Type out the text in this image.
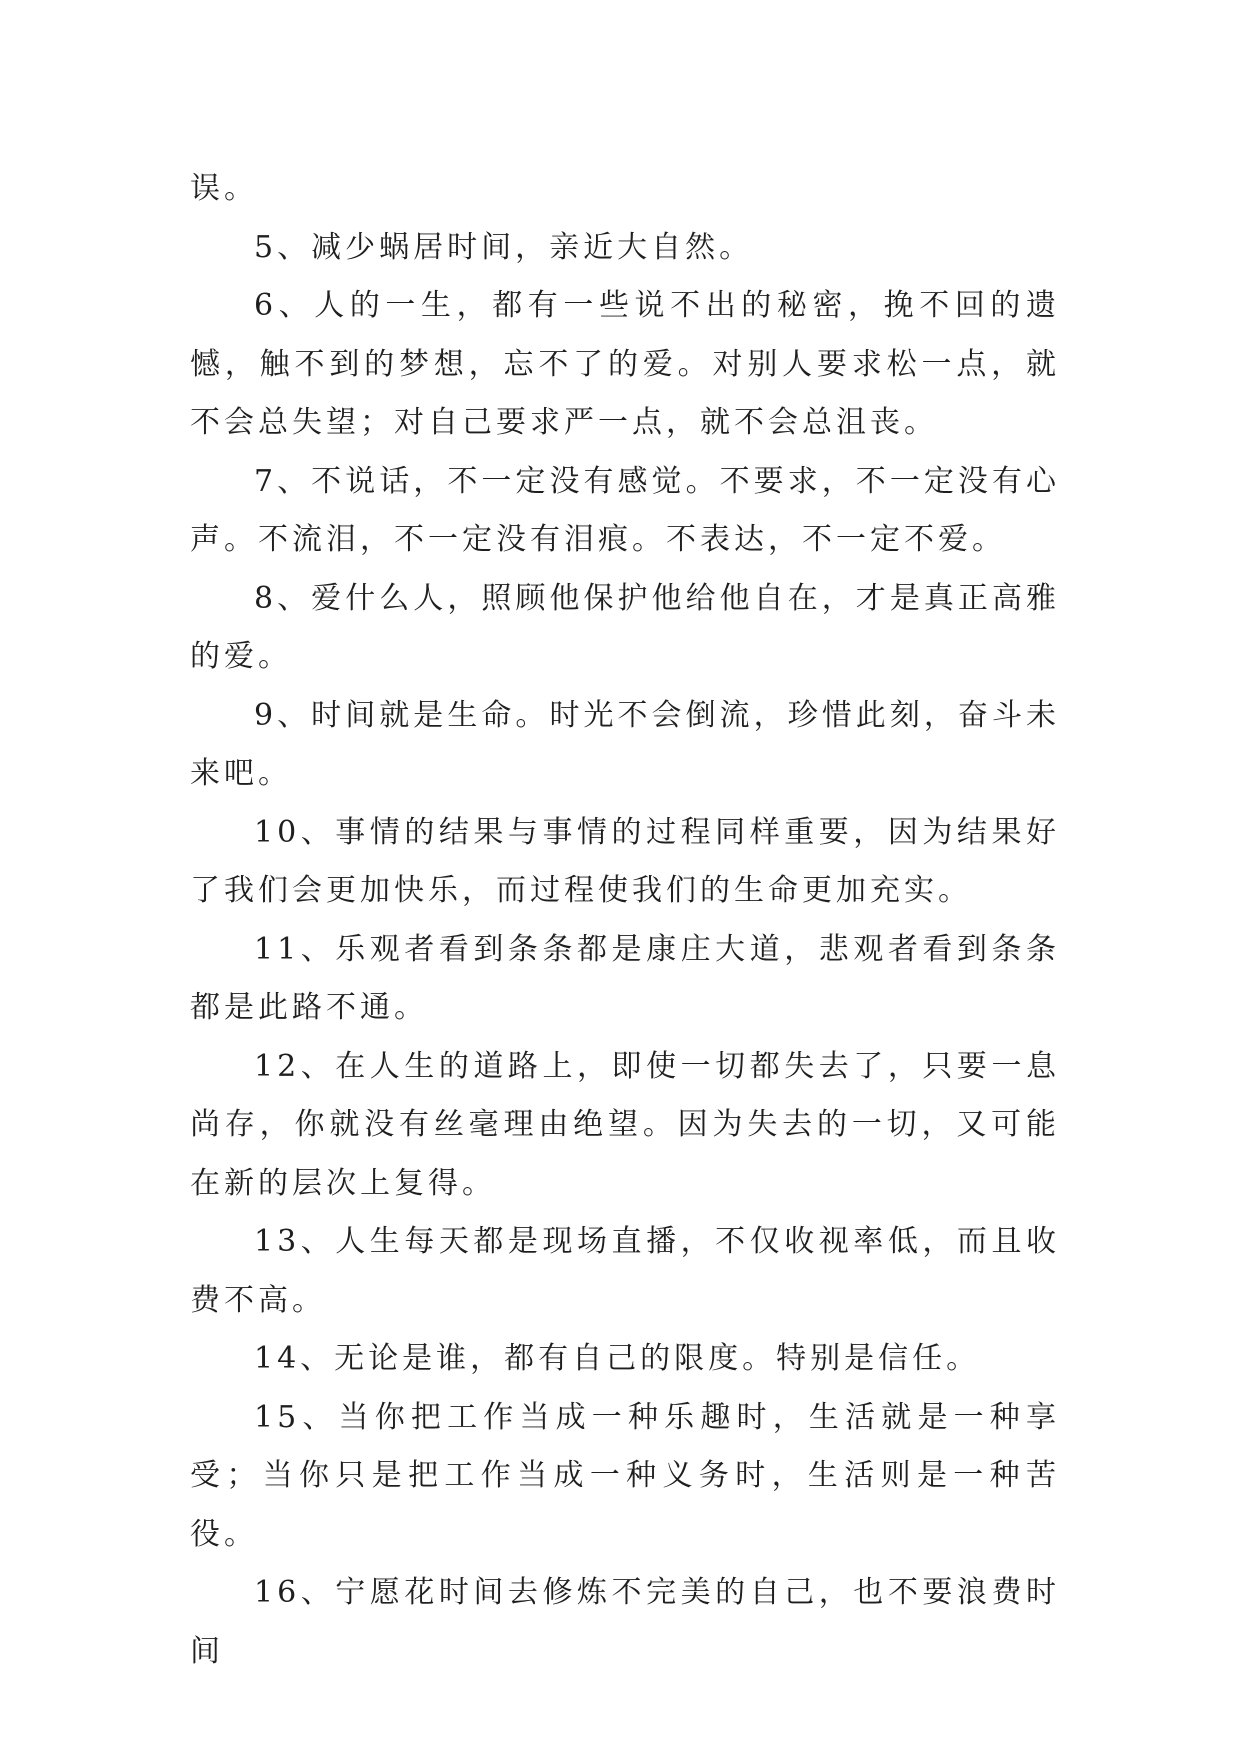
误。

5、减少蜗居时间，亲近大自然。

6、人的一生，都有一些说不出的秘密，挽不回的遗憾，触不到的梦想，忘不了的爱。对别人要求松一点，就不会总失望；对自己要求严一点，就不会总沮丧。

7、不说话，不一定没有感觉。不要求，不一定没有心声。不流泪，不一定没有泪痕。不表达，不一定不爱。

8、爱什么人，照顾他保护他给他自在，才是真正高雅的爱。

9、时间就是生命。时光不会倒流，珍惜此刻，奋斗未来吧。

10、事情的结果与事情的过程同样重要，因为结果好了我们会更加快乐，而过程使我们的生命更加充实。

11、乐观者看到条条都是康庄大道，悲观者看到条条都是此路不通。

12、在人生的道路上，即使一切都失去了，只要一息尚存，你就没有丝毫理由绝望。因为失去的一切，又可能在新的层次上复得。

13、人生每天都是现场直播，不仅收视率低，而且收费不高。

14、无论是谁，都有自己的限度。特别是信任。

15、当你把工作当成一种乐趣时，生活就是一种享受；当你只是把工作当成一种义务时，生活则是一种苦役。

16、宁愿花时间去修炼不完美的自己，也不要浪费时间
